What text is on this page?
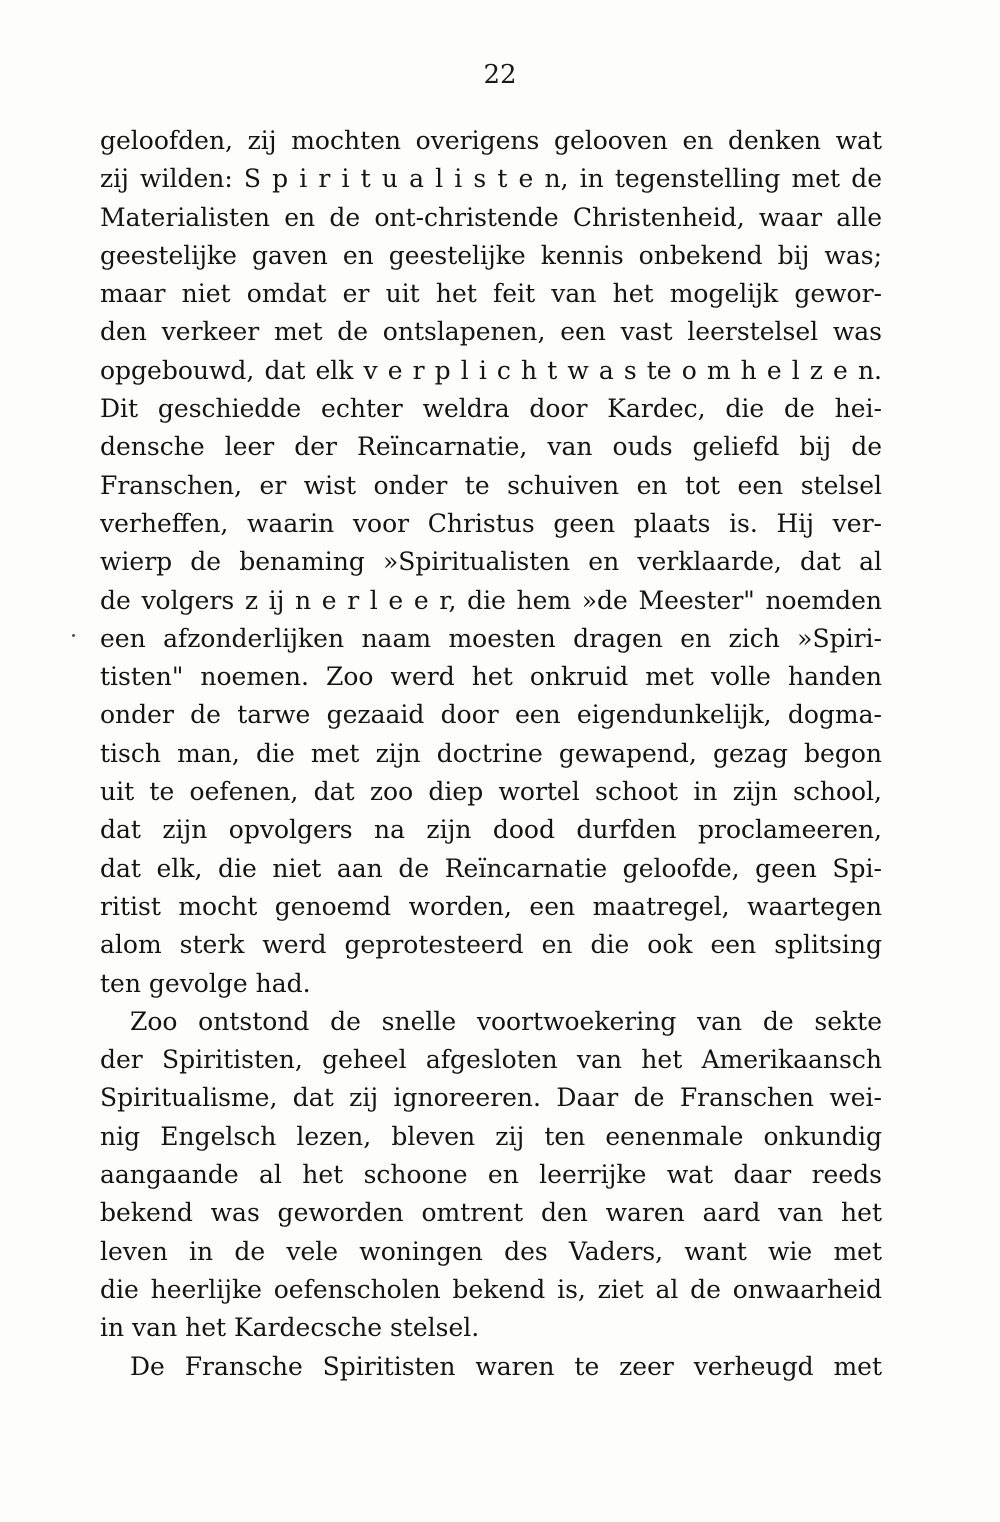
22
geloofden, zij mochten overigens gelooven en denken wat
zij wilden: S p i r i t u a l i s t e n, in tegenstelling met de
Materialisten en de ont-christende Christenheid, waar alle
geestelijke gaven en geestelijke kennis onbekend bij was;
maar niet omdat er uit het feit van het mogelijk gewor-
den verkeer met de ontslapenen, een vast leerstelsel was
opgebouwd, dat elk v e r p l i c h t w a s te o m h e l z e n.
Dit geschiedde echter weldra door Kardec, die de hei-
densche leer der Reïncarnatie, van ouds geliefd bij de
Franschen, er wist onder te schuiven en tot een stelsel
verheffen, waarin voor Christus geen plaats is. Hij ver-
wierp de benaming »Spiritualisten en verklaarde, dat al
de volgers z ij n e r l e e r, die hem »de Meester" noemden
een afzonderlijken naam moesten dragen en zich »Spiri-
tisten" noemen. Zoo werd het onkruid met volle handen
onder de tarwe gezaaid door een eigendunkelijk, dogma-
tisch man, die met zijn doctrine gewapend, gezag begon
uit te oefenen, dat zoo diep wortel schoot in zijn school,
dat zijn opvolgers na zijn dood durfden proclameeren,
dat elk, die niet aan de Reïncarnatie geloofde, geen Spi-
ritist mocht genoemd worden, een maatregel, waartegen
alom sterk werd geprotesteerd en die ook een splitsing
ten gevolge had.
Zoo ontstond de snelle voortwoekering van de sekte
der Spiritisten, geheel afgesloten van het Amerikaansch
Spiritualisme, dat zij ignoreeren. Daar de Franschen wei-
nig Engelsch lezen, bleven zij ten eenenmale onkundig
aangaande al het schoone en leerrijke wat daar reeds
bekend was geworden omtrent den waren aard van het
leven in de vele woningen des Vaders, want wie met
die heerlijke oefenscholen bekend is, ziet al de onwaarheid
in van het Kardecsche stelsel.
De Fransche Spiritisten waren te zeer verheugd met
